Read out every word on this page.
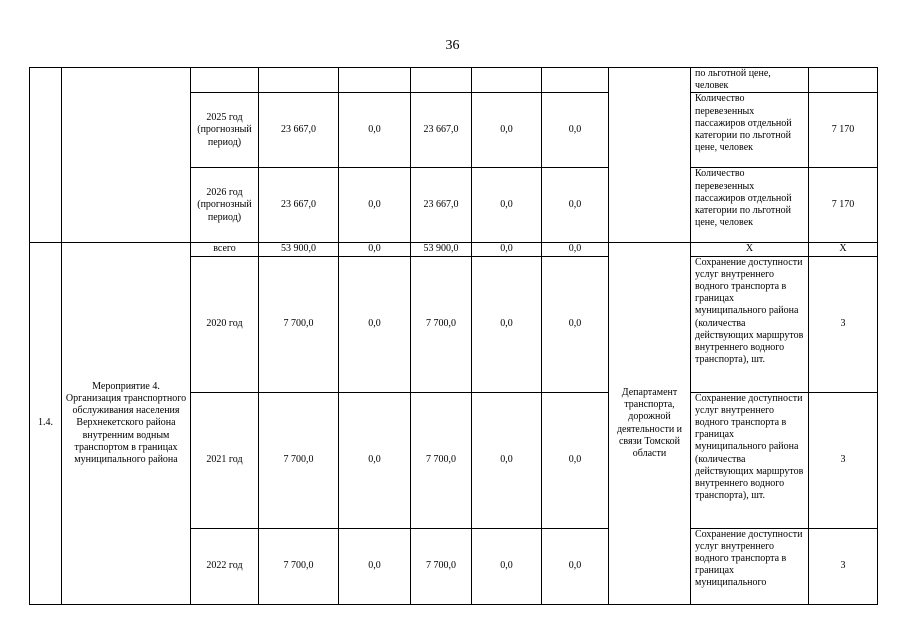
36
									по льготной цене, человек	
		2025 год (прогнозный период)	23 667,0	0,0	23 667,0	0,0	0,0		Количество перевезенных пассажиров отдельной категории по льготной цене, человек	7 170
		2026 год (прогнозный период)	23 667,0	0,0	23 667,0	0,0	0,0		Количество перевезенных пассажиров отдельной категории по льготной цене, человек	7 170
1.4.	Мероприятие 4. Организация транспортного обслуживания населения Верхнекетского района внутренним водным транспортом в границах муниципального района	всего	53 900,0	0,0	53 900,0	0,0	0,0	Департамент транспорта, дорожной деятельности и связи Томской области	X	X
		2020 год	7 700,0	0,0	7 700,0	0,0	0,0		Сохранение доступности услуг внутреннего водного транспорта в границах муниципального района (количества действующих маршрутов внутреннего водного транспорта), шт.	3
		2021 год	7 700,0	0,0	7 700,0	0,0	0,0		Сохранение доступности услуг внутреннего водного транспорта в границах муниципального района (количества действующих маршрутов внутреннего водного транспорта), шт.	3
		2022 год	7 700,0	0,0	7 700,0	0,0	0,0		Сохранение доступности услуг внутреннего водного транспорта в границах муниципального	3
